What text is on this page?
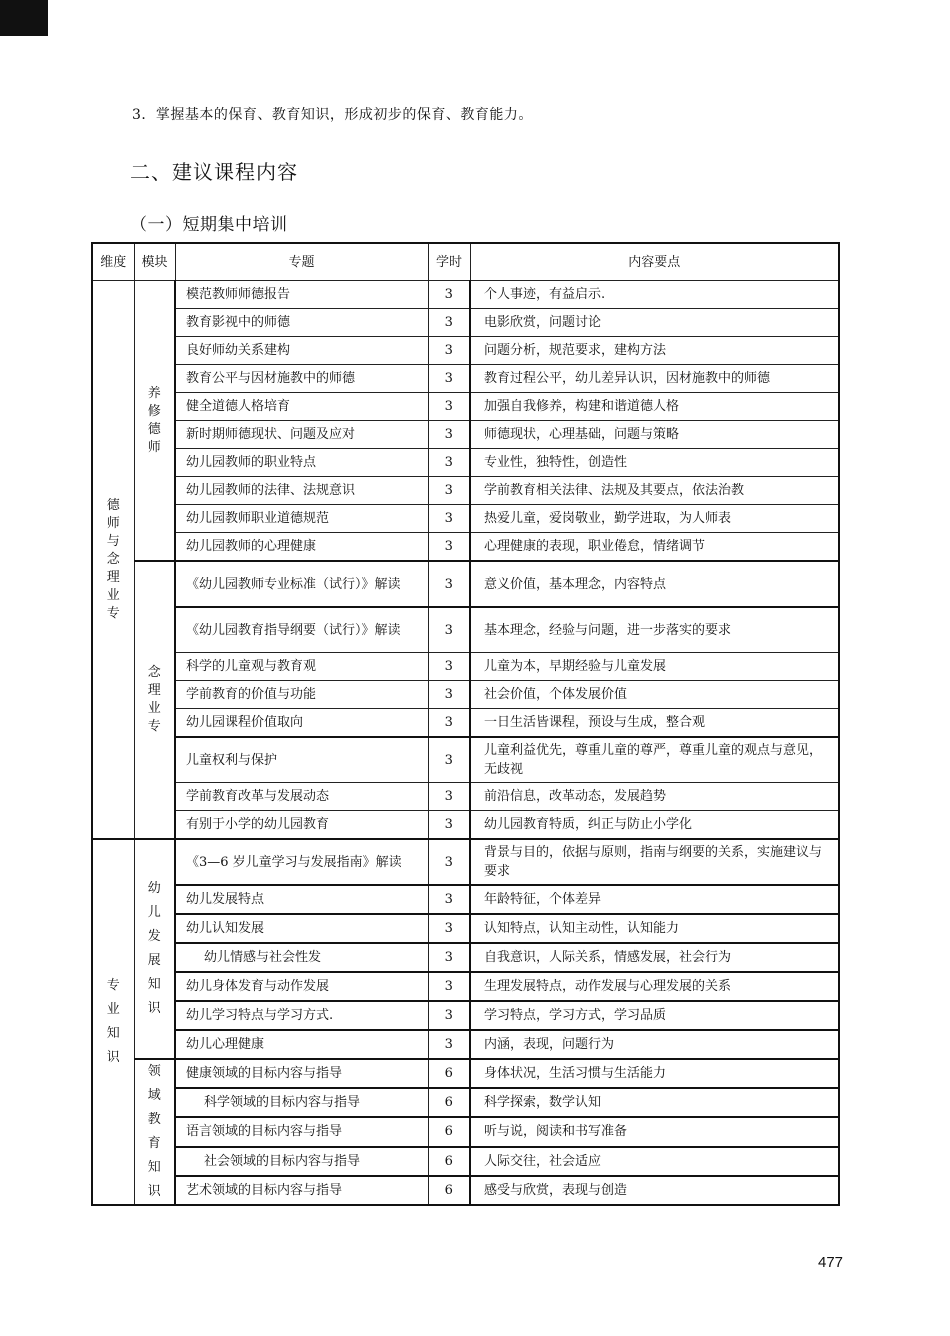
3．掌握基本的保育、教育知识，形成初步的保育、教育能力。
二、建议课程内容
（一）短期集中培训
维度	模块	专题	学时	内容要点
德师与念理业专	养修德师	模范教师师德报告	3	个人事迹，有益启示.
		教育影视中的师德	3	电影欣赏，问题讨论
		良好师幼关系建构	3	问题分析，规范要求，建构方法
		教育公平与因材施教中的师德	3	教育过程公平，幼儿差异认识，因材施教中的师德
		健全道德人格培育	3	加强自我修养，构建和谐道德人格
		新时期师德现状、问题及应对	3	师德现状，心理基础，问题与策略
		幼儿园教师的职业特点	3	专业性，独特性，创造性
		幼儿园教师的法律、法规意识	3	学前教育相关法律、法规及其要点，依法治教
		幼儿园教师职业道德规范	3	热爱儿童，爱岗敬业，勤学进取，为人师表
		幼儿园教师的心理健康	3	心理健康的表现，职业倦怠，情绪调节
	念理业专	《幼儿园教师专业标准（试行）》解读	3	意义价值，基本理念，内容特点
		《幼儿园教育指导纲要（试行）》解读	3	基本理念，经验与问题，进一步落实的要求
		科学的儿童观与教育观	3	儿童为本，早期经验与儿童发展
		学前教育的价值与功能	3	社会价值，个体发展价值
		幼儿园课程价值取向	3	一日生活皆课程，预设与生成，整合观
		儿童权利与保护	3	儿童利益优先，尊重儿童的尊严，尊重儿童的观点与意见，无歧视
		学前教育改革与发展动态	3	前沿信息，改革动态，发展趋势
		有别于小学的幼儿园教育	3	幼儿园教育特质，纠正与防止小学化
专业知识	幼儿发展知识	《3—6 岁儿童学习与发展指南》解读	3	背景与目的，依据与原则，指南与纲要的关系，实施建议与要求
		幼儿发展特点	3	年龄特征，个体差异
		幼儿认知发展	3	认知特点，认知主动性，认知能力
		幼儿情感与社会性发	3	自我意识，人际关系，情感发展，社会行为
		幼儿身体发育与动作发展	3	生理发展特点，动作发展与心理发展的关系
		幼儿学习特点与学习方式.	3	学习特点，学习方式，学习品质
		幼儿心理健康	3	内涵，表现，问题行为
	领域教育知识	健康领域的目标内容与指导	6	身体状况，生活习惯与生活能力
		科学领域的目标内容与指导	6	科学探索，数学认知
		语言领域的目标内容与指导	6	听与说，阅读和书写准备
		社会领域的目标内容与指导	6	人际交往，社会适应
		艺术领域的目标内容与指导	6	感受与欣赏，表现与创造
477
